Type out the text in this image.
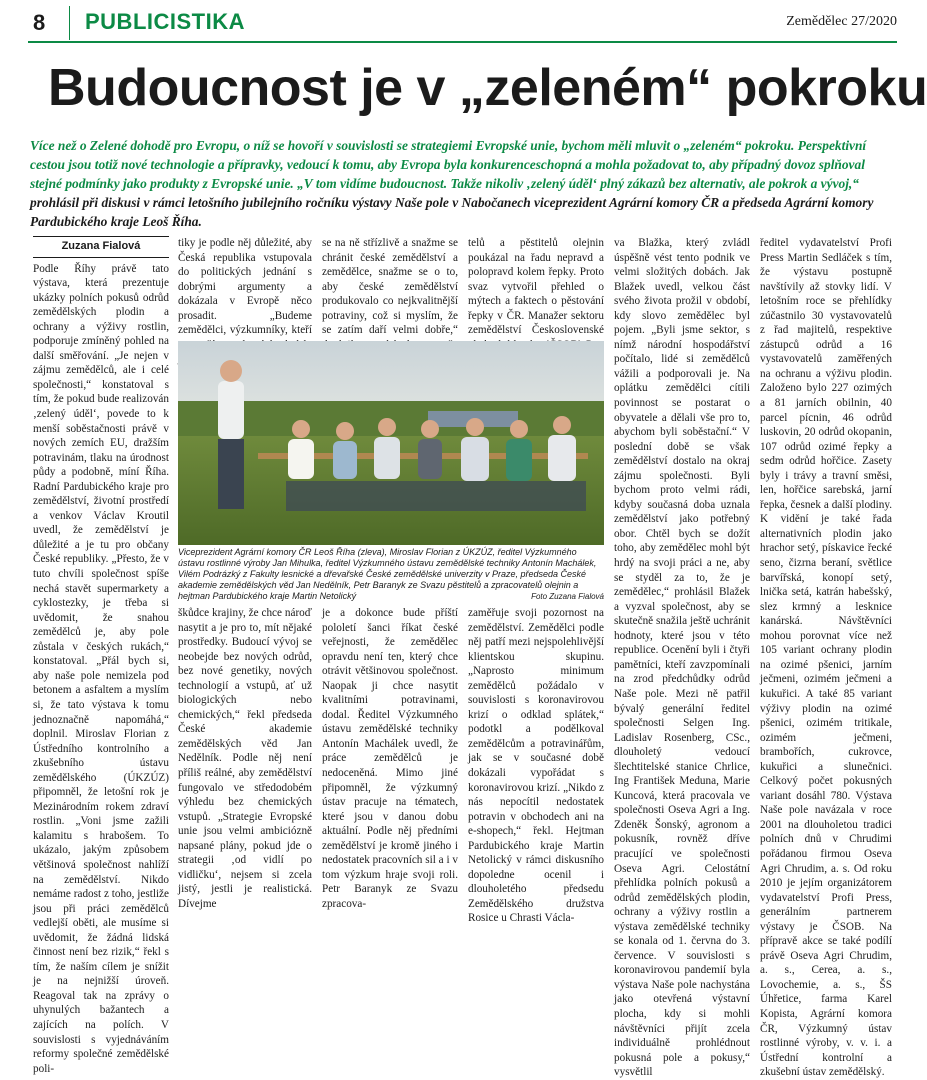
8 PUBLICISTIKA	Zemědělec 27/2020
Budoucnost je v „zeleném“ pokroku

Více než o Zelené dohodě pro Evropu, o níž se hovoří v souvislosti se strategiemi Evropské unie, bychom měli mluvit o „zeleném“ pokroku. Perspektivní cestou jsou totiž nové technologie a přípravky, vedoucí k tomu, aby Evropa byla konkurenceschopná a mohla požadovat to, aby případný dovoz splňoval stejné podmínky jako produkty z Evropské unie. „V tom vidíme budoucnost. Takže nikoliv ‚zelený úděl‘ plný zákazů bez alternativ, ale pokrok a vývoj,“ prohlásil při diskusi v rámci letošního jubilejního ročníku výstavy Naše pole v Nabočanech viceprezident Agrární komory ČR a předseda Agrární komory Pardubického kraje Leoš Říha.

Zuzana Fialová

Podle Říhy právě tato výstava, která prezentuje ukázky polních pokusů odrůd zemědělských plodin a ochrany a výživy rostlin, podporuje zmíněný pohled na další směřování. „Je nejen v zájmu zemědělců, ale i celé společnosti,“ konstatoval s tím, že pokud bude realizován ‚zelený úděl‘, povede to k menší soběstačnosti právě v nových zemích EU, dražším potravinám, tlaku na úrodnost půdy a podobně, míní Říha. Radní Pardubického kraje pro zemědělství, životní prostředí a venkov Václav Kroutil uvedl, že zemědělství je důležité a je tu pro občany České republiky. „Přesto, že v tuto chvíli společnost spíše nechá stavět supermarkety a cyklostezky, je třeba si uvědomit, že snahou zemědělců je, aby pole zůstala v českých rukách,“ konstatoval. „Přál bych si, aby naše pole nemizela pod betonem a asfaltem a myslím si, že tato výstava k tomu jednoznačně napomáhá,“ doplnil. Miroslav Florian z Ústředního kontrolního a zkušebního ústavu zemědělského (ÚKZÚZ) připomněl, že letošní rok je Mezinárodním rokem zdraví rostlin. „Voni jsme zažili kalamitu s hrabošem. To ukázalo, jakým způsobem většinová společnost nahlíží na zemědělství. Nikdo nemáme radost z toho, jestliže jsou při práci zemědělců vedlejší oběti, ale musíme si uvědomit, že žádná lidská činnost není bez rizik,“ řekl s tím, že naším cílem je snížit je na nejnižší úroveň. Reagoval tak na zprávy o uhynulých bažantech a zajících na polích. V souvislosti s vyjednáváním reformy společné zemědělské poli-

tiky je podle něj důležité, aby Česká republika vstupovala do politických jednání s dobrými argumenty a dokázala v Evropě něco prosadit. „Budeme zemědělci, výzkumníky, kteří

se na ně střízlivě a snažme se chránit české zemědělství a zemědělce, snažme se o to, aby české zemědělství produkovalo co nejkvalitnější potraviny, což si myslím, že se zatím daří velmi dobře,“

telů a pěstitelů olejnin poukázal na řadu nepravd a polopravd kolem řepky. Proto svaz vytvořil přehled o mýtech a faktech o pěstování řepky v ČR. Manažer sektoru zemědělství Československé

Viceprezident Agrární komory ČR Leoš Říha (zleva), Miroslav Florian z ÚKZÚZ, ředitel Výzkumného ústavu rostlinné výroby Jan Mihulka, ředitel Výzkumného ústavu zemědělské techniky Antonín Machálek, Vilém Podrázký z Fakulty lesnické a dřevařské České zemědělské univerzity v Praze, předseda České akademie zemědělských věd Jan Nedělník, Petr Baranyk ze Svazu pěstitelů a zpracovatelů olejnin a hejtman Pardubického kraje Martin Netolický	Foto Zuzana Fialová

škůdce krajiny, že chce nároď nasytit a je pro to, mít nějaké prostředky. Budoucí vývoj se neobejde bez nových odrůd, bez nové genetiky, nových technologií a vstupů, ať už biologických nebo chemických,“ řekl předseda České akademie zemědělských věd Jan Nedělník. Podle něj není příliš reálné, aby zemědělství fungovalo ve středodobém výhledu bez chemických vstupů. „Strategie Evropské unie jsou velmi ambiciózně napsané plány, pokud jde o strategii ‚od vidlí po vidličku‘, nejsem si zcela jistý, jestli je realistická. Dívejme

je a dokonce bude příští pololetí šanci říkat české veřejnosti, že zemědělec opravdu není ten, který chce otrávit většinovou společnost. Naopak ji chce nasytit kvalitními potravinami, dodal. Ředitel Výzkumného ústavu zemědělské techniky Antonín Machálek uvedl, že práce zemědělců je nedoceněná. Mimo jiné připomněl, že výzkumný ústav pracuje na tématech, které jsou v danou dobu aktuální. Podle něj předními zemědělství je kromě jiného i nedostatek pracovních sil a i v tom výzkum hraje svoji roli. Petr Baranyk ze Svazu zpracova-

zaměřuje svoji pozornost na zemědělství. Zemědělci podle něj patří mezi nejspolehlivější klientskou skupinu. „Naprosto minimum zemědělců požádalo v souvislosti s koronavirovou krizí o odklad splátek,“ podotkl a podělkoval zemědělcům a potravinářům, jak se v současné době dokázali vypořádat s koronavirovou krizí. „Nikdo z nás nepocítil nedostatek potravin v obchodech ani na e-shopech,“ řekl. Hejtman Pardubického kraje Martin Netolický v rámci diskusního dopoledne ocenil i dlouholetého předsedu Zemědělského družstva Rosice u Chrasti Václa-

va Blažka, který zvládl úspěšně vést tento podnik ve velmi složitých dobách. Jak Blažek uvedl, velkou část svého života prožil v období, kdy slovo zemědělec byl pojem. „Byli jsme sektor, s nímž národní hospodářství počítalo, lidé si zemědělců vážili a podporovali je. Na oplátku zemědělci cítili povinnost se postarat o obyvatele a dělali vše pro to, abychom byli soběstační.“ V poslední době se však zemědělství dostalo na okraj zájmu společnosti. Byli bychom proto velmi rádi, kdyby současná doba uznala zemědělství jako potřebný obor. Chtěl bych se dožít toho, aby zemědělec mohl být hrdý na svoji práci a ne, aby se styděl za to, že je zemědělec,“ prohlásil Blažek a vyzval společnost, aby se skutečně snažila ještě uchránit hodnoty, které jsou v této republice. Ocenění byli i čtyři pamětníci, kteří zavzpomínali na zrod předchůdky odrůd Naše pole. Mezi ně patřil bývalý generální ředitel společnosti Selgen Ing. Ladislav Rosenberg, CSc., dlouholetý vedoucí šlechtitelské stanice Chrlice, Ing František Meduna, Marie Kuncová, která pracovala ve společnosti Oseva Agri a Ing. Zdeněk Šonský, agronom a pokusník, rovněž dříve pracující ve společnosti Oseva Agri. Celostátní přehlídka polních pokusů a odrůd zemědělských plodin, ochrany a výživy rostlin a výstava zemědělské techniky se konala od 1. června do 3. července. V souvislosti s koronavirovou pandemií byla výstava Naše pole nachystána jako otevřená výstavní plocha, kdy si mohli návštěvníci přijít zcela individuálně prohlédnout pokusná pole a pokusy,“ vysvětlil

ředitel vydavatelství Profi Press Martin Sedláček s tím, že výstavu postupně navštívily až stovky lidí. V letošním roce se přehlídky zúčastnilo 30 vystavovatelů z řad majitelů, respektive zástupců odrůd a 16 vystavovatelů zaměřených na ochranu a výživu plodin. Založeno bylo 227 ozimých a 81 jarních obilnin, 40 parcel pícnin, 46 odrůd luskovin, 20 odrůd okopanin, 107 odrůd ozimé řepky a sedm odrůd hořčice. Zasety byly i trávy a travní směsi, len, hořčice sarebská, jarní řepka, česnek a další plodiny. K vidění je také řada alternativních plodin jako hrachor setý, pískavice řecké seno, čizrna beraní, světlice barvířská, konopí setý, lnička setá, katrán habešský, slez krmný a lesknice kanárská. Návštěvníci mohou porovnat více než 105 variant ochrany plodin na ozimé pšenici, jarním ječmeni, ozimém ječmeni a kukuřici. A také 85 variant výživy plodin na ozimé pšenici, ozimém tritikale, ozimém ječmeni, brambořích, cukrovce, kukuřici a slunečnici. Celkový počet pokusných variant dosáhl 780. Výstava Naše pole navázala v roce 2001 na dlouholetou tradici polních dnů v Chrudimi pořádanou firmou Oseva Agri Chrudim, a. s. Od roku 2010 je jejím organizátorem vydavatelství Profi Press, generálním partnerem výstavy je ČSOB. Na přípravě akce se také podílí právě Oseva Agri Chrudim, a. s., Cerea, a. s., Lovochemie, a. s., ŠS Úhřetice, farma Karel Kopista, Agrární komora ČR, Výzkumný ústav rostlinné výroby, v. v. i. a Ústřední kontrolní a zkušební ústav zemědělský.
